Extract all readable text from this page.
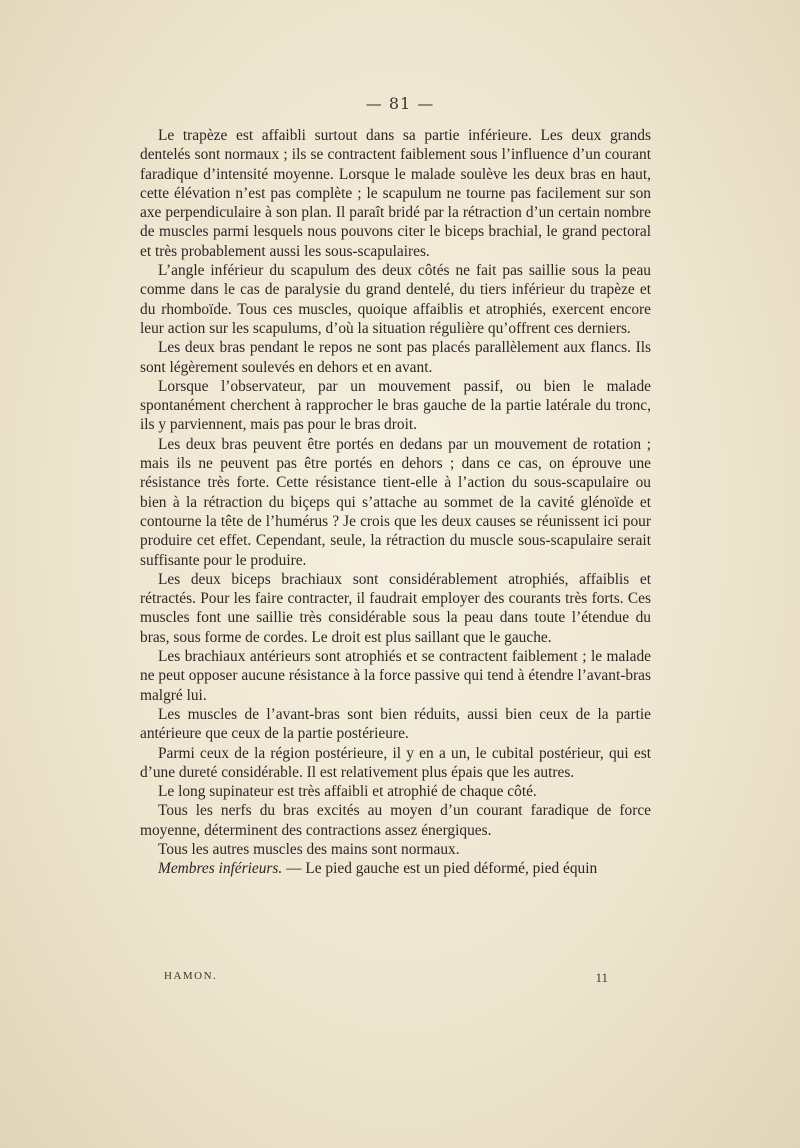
— 81 —

Le trapèze est affaibli surtout dans sa partie inférieure. Les deux grands dentelés sont normaux ; ils se contractent faiblement sous l’influence d’un courant faradique d’intensité moyenne. Lorsque le malade soulève les deux bras en haut, cette élévation n’est pas complète ; le scapulum ne tourne pas facilement sur son axe perpendiculaire à son plan. Il paraît bridé par la rétraction d’un certain nombre de muscles parmi lesquels nous pouvons citer le biceps brachial, le grand pectoral et très probablement aussi les sous-scapulaires.

L’angle inférieur du scapulum des deux côtés ne fait pas saillie sous la peau comme dans le cas de paralysie du grand dentelé, du tiers inférieur du trapèze et du rhomboïde. Tous ces muscles, quoique affaiblis et atrophiés, exercent encore leur action sur les scapulums, d’où la situation régulière qu’offrent ces derniers.

Les deux bras pendant le repos ne sont pas placés parallèlement aux flancs. Ils sont légèrement soulevés en dehors et en avant.

Lorsque l’observateur, par un mouvement passif, ou bien le malade spontanément cherchent à rapprocher le bras gauche de la partie latérale du tronc, ils y parviennent, mais pas pour le bras droit.

Les deux bras peuvent être portés en dedans par un mouvement de rotation ; mais ils ne peuvent pas être portés en dehors ; dans ce cas, on éprouve une résistance très forte. Cette résistance tient-elle à l’action du sous-scapulaire ou bien à la rétraction du biçeps qui s’attache au sommet de la cavité glénoïde et contourne la tête de l’humérus ? Je crois que les deux causes se réunissent ici pour produire cet effet. Cependant, seule, la rétraction du muscle sous-scapulaire serait suffisante pour le produire.

Les deux biceps brachiaux sont considérablement atrophiés, affaiblis et rétractés. Pour les faire contracter, il faudrait employer des courants très forts. Ces muscles font une saillie très considérable sous la peau dans toute l’étendue du bras, sous forme de cordes. Le droit est plus saillant que le gauche.

Les brachiaux antérieurs sont atrophiés et se contractent faiblement ; le malade ne peut opposer aucune résistance à la force passive qui tend à étendre l’avant-bras malgré lui.

Les muscles de l’avant-bras sont bien réduits, aussi bien ceux de la partie antérieure que ceux de la partie postérieure.

Parmi ceux de la région postérieure, il y en a un, le cubital postérieur, qui est d’une dureté considérable. Il est relativement plus épais que les autres.

Le long supinateur est très affaibli et atrophié de chaque côté.

Tous les nerfs du bras excités au moyen d’un courant faradique de force moyenne, déterminent des contractions assez énergiques.

Tous les autres muscles des mains sont normaux.

Membres inférieurs. — Le pied gauche est un pied déformé, pied équin

HAMON.	11
